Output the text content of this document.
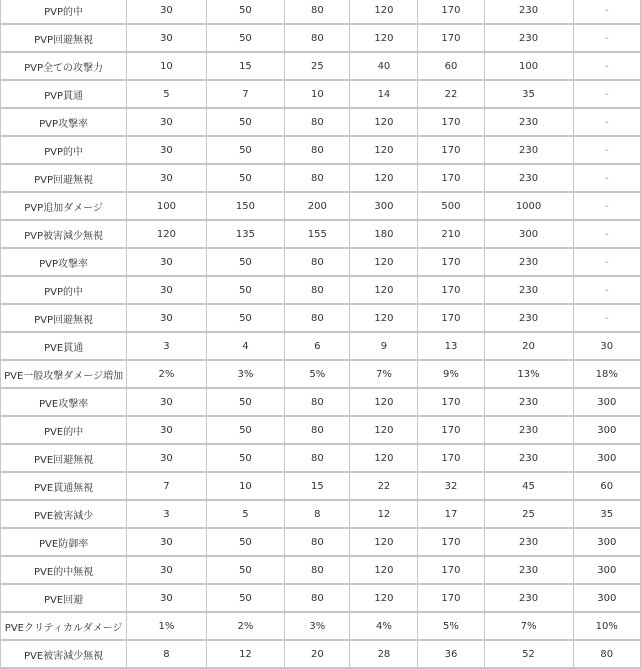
PVP的中	30	50	80	120	170	230	-
PVP回避無視	30	50	80	120	170	230	-
PVP全ての攻撃力	10	15	25	40	60	100	-
PVP貫通	5	7	10	14	22	35	-
PVP攻撃率	30	50	80	120	170	230	-
PVP的中	30	50	80	120	170	230	-
PVP回避無視	30	50	80	120	170	230	-
PVP追加ダメージ	100	150	200	300	500	1000	-
PVP被害減少無視	120	135	155	180	210	300	-
PVP攻撃率	30	50	80	120	170	230	-
PVP的中	30	50	80	120	170	230	-
PVP回避無視	30	50	80	120	170	230	-
PVE貫通	3	4	6	9	13	20	30
PVE一般攻撃ダメージ増加	2%	3%	5%	7%	9%	13%	18%
PVE攻撃率	30	50	80	120	170	230	300
PVE的中	30	50	80	120	170	230	300
PVE回避無視	30	50	80	120	170	230	300
PVE貫通無視	7	10	15	22	32	45	60
PVE被害減少	3	5	8	12	17	25	35
PVE防御率	30	50	80	120	170	230	300
PVE的中無視	30	50	80	120	170	230	300
PVE回避	30	50	80	120	170	230	300
PVEクリティカルダメージ	1%	2%	3%	4%	5%	7%	10%
PVE被害減少無視	8	12	20	28	36	52	80
